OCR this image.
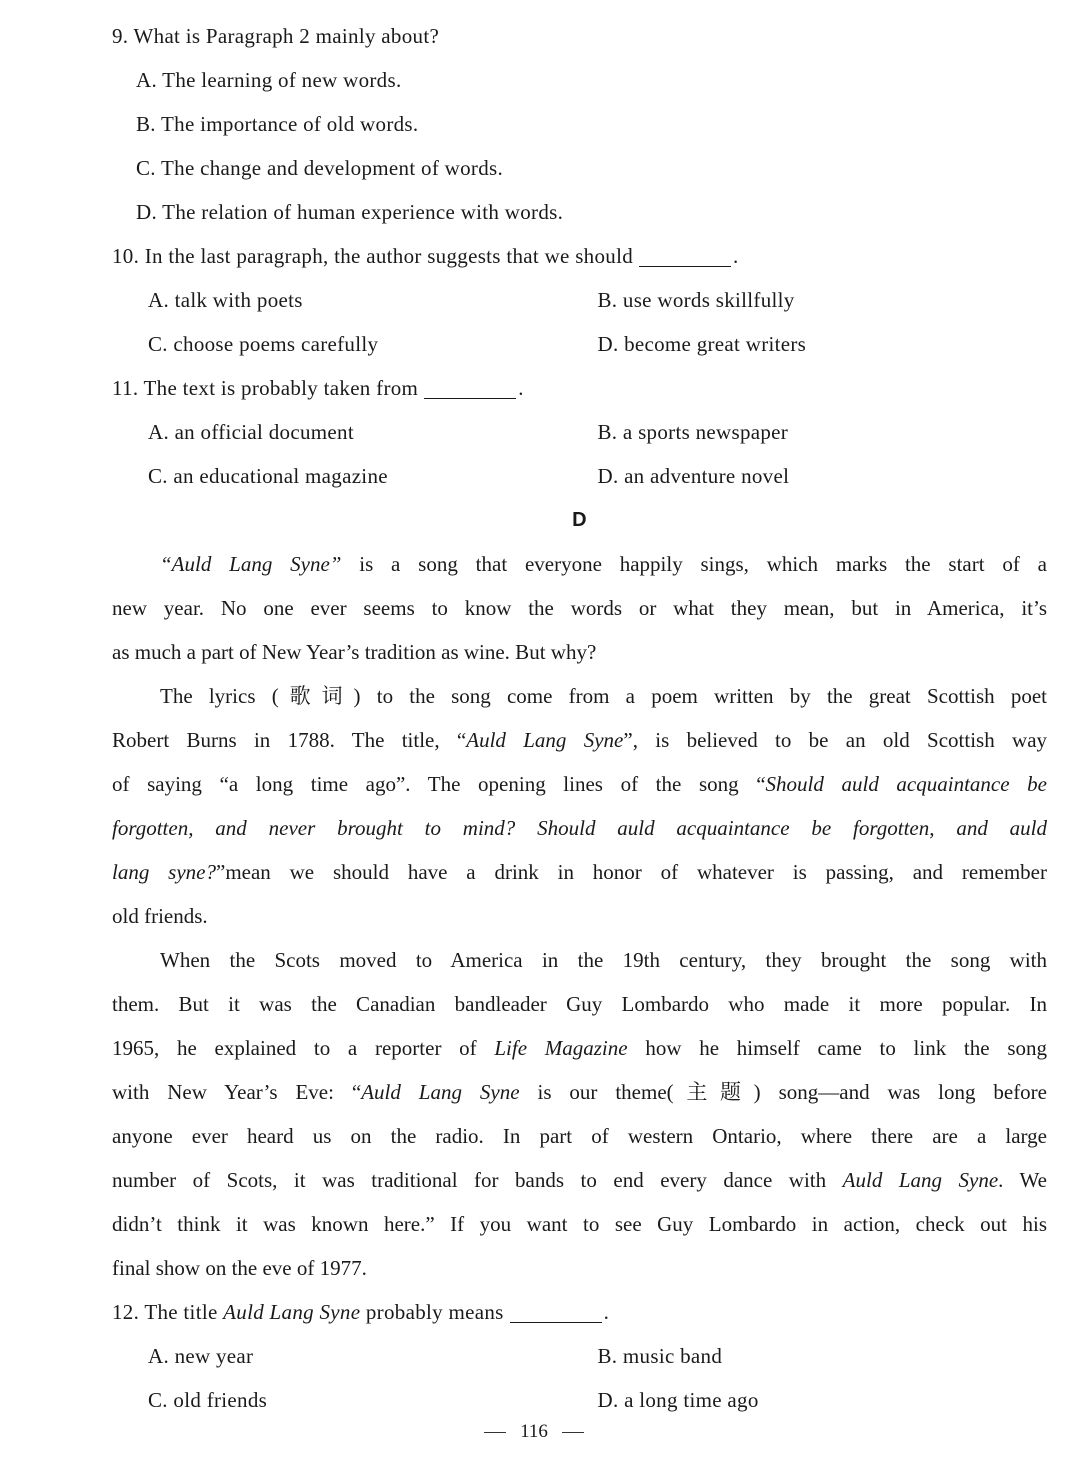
9. What is Paragraph 2 mainly about?
A. The learning of new words.
B. The importance of old words.
C. The change and development of words.
D. The relation of human experience with words.
10. In the last paragraph, the author suggests that we should	.
A. talk with poets	B. use words skillfully
C. choose poems carefully	D. become great writers
11. The text is probably taken from	.
A. an official document	B. a sports newspaper
C. an educational magazine	D. an adventure novel
D
“Auld Lang Syne” is a song that everyone happily sings, which marks the start of a
new year. No one ever seems to know the words or what they mean, but in America, it’s
as much a part of New Year’s tradition as wine. But why?
The lyrics (歌词) to the song come from a poem written by the great Scottish poet
Robert Burns in 1788. The title, “Auld Lang Syne”, is believed to be an old Scottish way
of saying “a long time ago”. The opening lines of the song “Should auld acquaintance be
forgotten, and never brought to mind? Should auld acquaintance be forgotten, and auld
lang syne?”mean we should have a drink in honor of whatever is passing, and remember
old friends.
When the Scots moved to America in the 19th century, they brought the song with
them. But it was the Canadian bandleader Guy Lombardo who made it more popular. In
1965, he explained to a reporter of Life Magazine how he himself came to link the song
with New Year’s Eve: “Auld Lang Syne is our theme(主题) song—and was long before
anyone ever heard us on the radio. In part of western Ontario, where there are a large
number of Scots, it was traditional for bands to end every dance with Auld Lang Syne. We
didn’t think it was known here.” If you want to see Guy Lombardo in action, check out his
final show on the eve of 1977.
12. The title Auld Lang Syne probably means	.
A. new year	B. music band
C. old friends	D. a long time ago
116
